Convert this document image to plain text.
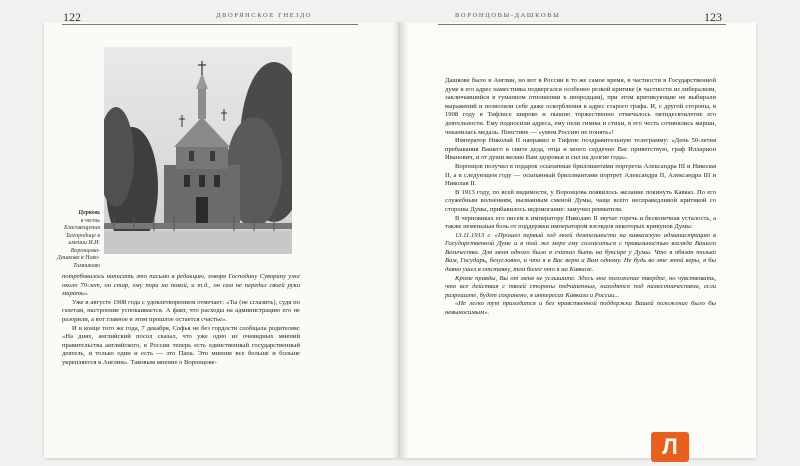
122	ДВОРЯНСКОЕ ГНЕЗДО	ВОРОНЦОВЫ-ДАШКОВЫ	123
Церковь
в честь Благовещения Богородице в имении И.И. Воронцова-Дашкова в Ново-Томниково

потребовалось написать это письмо в редакцию, говоря Господину Суворину уже около 70-лет, он стар, ему пора на покой, и т.д., он сам не передал своей руки марать».

Уже в августе 1908 года с удовлетворением отмечает: «Ты (не сглазить), судя по газетам, настроение успокаивается. А факт, что расходы на администрацию его не разорили, а вот главное в этом прошлое остается счастье».

И в конце того же года, 7 декабря, Софья не без гордости сообщала родителям: «На днях, английский посол сказал, что уже одно из очевидных мнений правительства английского, в России теперь есть единственный государственный деятель, и только один и есть — это Папа. Это мнение все больше и больше укрепляется в Англии». Таковым мнение о Воронцове-

Дашкове было в Англии, но вот в России в то же самое время, в частности в Государственной думе в его адрес наместника подвергался особенно резкой критике (в частности из либерализм, заключавшийся в гуманном отношении к инородцам), при этом критикующие не выбирали выражений и позволяли себе даже оскорбления в адрес старого графа. И, с другой стороны, в 1908 году в Тифлисе широко и пышно торжественно отмечалось пятидесятилетие его деятельности. Ему подносили адреса, ему пели гимны и стихи, в его честь сочинялись марши, чеканилась медаль. Понстине — «умом Россию не понять»!

Император Николай II направил в Тифлис поздравительную телеграмму: «День 50-летия пребывания Вашего в свите деда, отца и моего сердечно Вас приветствую, граф Илларион Иванович, и от души желаю Вам здоровья и сил на долгие года».

Воронцов получил в подарок осыпанные бриллиантами портреты Александра III и Николая II, а в следующем году — осыпанный бриллиантами портрет Александра II, Александра III и Николая II.

В 1913 году, по всей видимости, у Воронцова появилось желание покинуть Кавказ. По его служебным волнениям, вызванным сменой Думы, чаще всего несправедливой критикой со стороны Думы, прибавилось недомогание: замучил ревматизм.

В черновиках его писем к императору Николаю II звучат горечь и бесконечная усталость, а также неменьшая боль от поддержки императором взглядов некоторых крикунов Думы:

13.11.1913 г. «Прошел первый год моей деятельности на кавказскую администрацию в Государственной Думе и в той же мере ему согласиться с правильностью взгляда Вашего Величества. Для меня одного было я считал быть на буксире у Думы. Что я обязан только Вам, Государь, безусловно, и что я в Вас верю и Вам одному. Не будь во мне этой веры, я бы давно ушел в отставку, тем более что я на Кавказе.

Кроме правды, Вы от меня не услышите. Здесь мое положение твердое, но чувствовать, что все действия с твоей стороны подчиненных, находятся под наместничеством, если разрешите, будет сохранено, в интересах Кавказа и России...

«Не легко тут приходится и без нравственной поддержки Вашей положение было бы невыносимым».

Л
